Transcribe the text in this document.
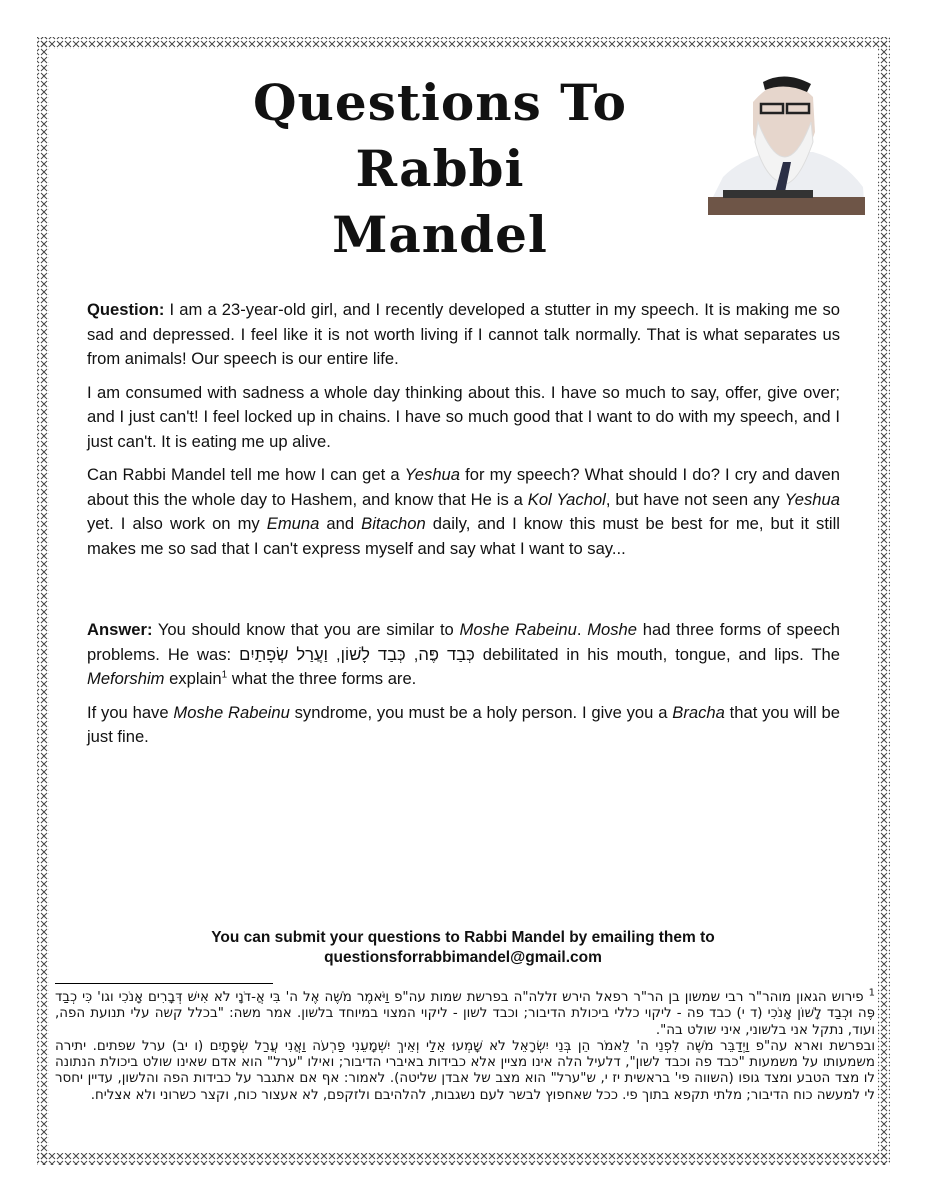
Questions To
Rabbi
Mandel

Question: I am a 23-year-old girl, and I recently developed a stutter in my speech. It is making me so sad and depressed. I feel like it is not worth living if I cannot talk normally. That is what separates us from animals! Our speech is our entire life.

I am consumed with sadness a whole day thinking about this. I have so much to say, offer, give over; and I just can't! I feel locked up in chains. I have so much good that I want to do with my speech, and I just can't. It is eating me up alive.

Can Rabbi Mandel tell me how I can get a Yeshua for my speech? What should I do? I cry and daven about this the whole day to Hashem, and know that He is a Kol Yachol, but have not seen any Yeshua yet. I also work on my Emuna and Bitachon daily, and I know this must be best for me, but it still makes me so sad that I can't express myself and say what I want to say...

Answer: You should know that you are similar to Moshe Rabeinu. Moshe had three forms of speech problems. He was: כְּבַד פֶּה, כְּבַד לָשׁוֹן, וַעֲרַל שְׂפָתַיִם debilitated in his mouth, tongue, and lips. The Meforshim explain$^1$ what the three forms are.

If you have Moshe Rabeinu syndrome, you must be a holy person. I give you a Bracha that you will be just fine.

You can submit your questions to Rabbi Mandel by emailing them to
questionsforrabbimandel@gmail.com

$^1$ פירוש הגאון מוהר"ר רבי שמשון בן הר"ר רפאל הירש זללה"ה בפרשת שמות עה"פ וַיֹּאמֶר מֹשֶׁה אֶל ה' בִּי אֲ-דֹנָי לֹא אִישׁ דְּבָרִים אָנֹכִי וגו' כִּי כְבַד פֶּה וּכְבַד לָשׁוֹן אָנֹכִי (ד י) כבד פה - ליקוי כללי ביכולת הדיבור; וכבד לשון - ליקוי המצוי במיוחד בלשון. אמר משה: "בכלל קשה עלי תנועת הפה, ועוד, נתקל אני בלשוני, איני שולט בה".

ובפרשת וארא עה"פ וַיְדַבֵּר מֹשֶׁה לִפְנֵי ה' לֵאמֹר הֵן בְּנֵי יִשְׂרָאֵל לֹא שָׁמְעוּ אֵלַי וְאֵיךְ יִשְׁמָעֵנִי פַרְעֹה וַאֲנִי עֲרַל שְׂפָתָיִם (ו יב) ערל שפתים. יתירה משמעותו על משמעות "כבד פה וכבד לשון", דלעיל הלה אינו מציין אלא כבידות באיברי הדיבור; ואילו "ערל" הוא אדם שאינו שולט ביכולת הנתונה לו מצד הטבע ומצד גופו (השווה פי' בראשית יז י, ש"ערל" הוא מצב של אבדן שליטה). לאמור: אף אם אתגבר על כבידות הפה והלשון, עדיין יחסר לי למעשה כוח הדיבור; מלתי תקפא בתוך פי. ככל שאחפוץ לבשר לעם נשגבות, להלהיבם ולזקפם, לא אעצור כוח, וקצר כשרוני ולא אצליח.
